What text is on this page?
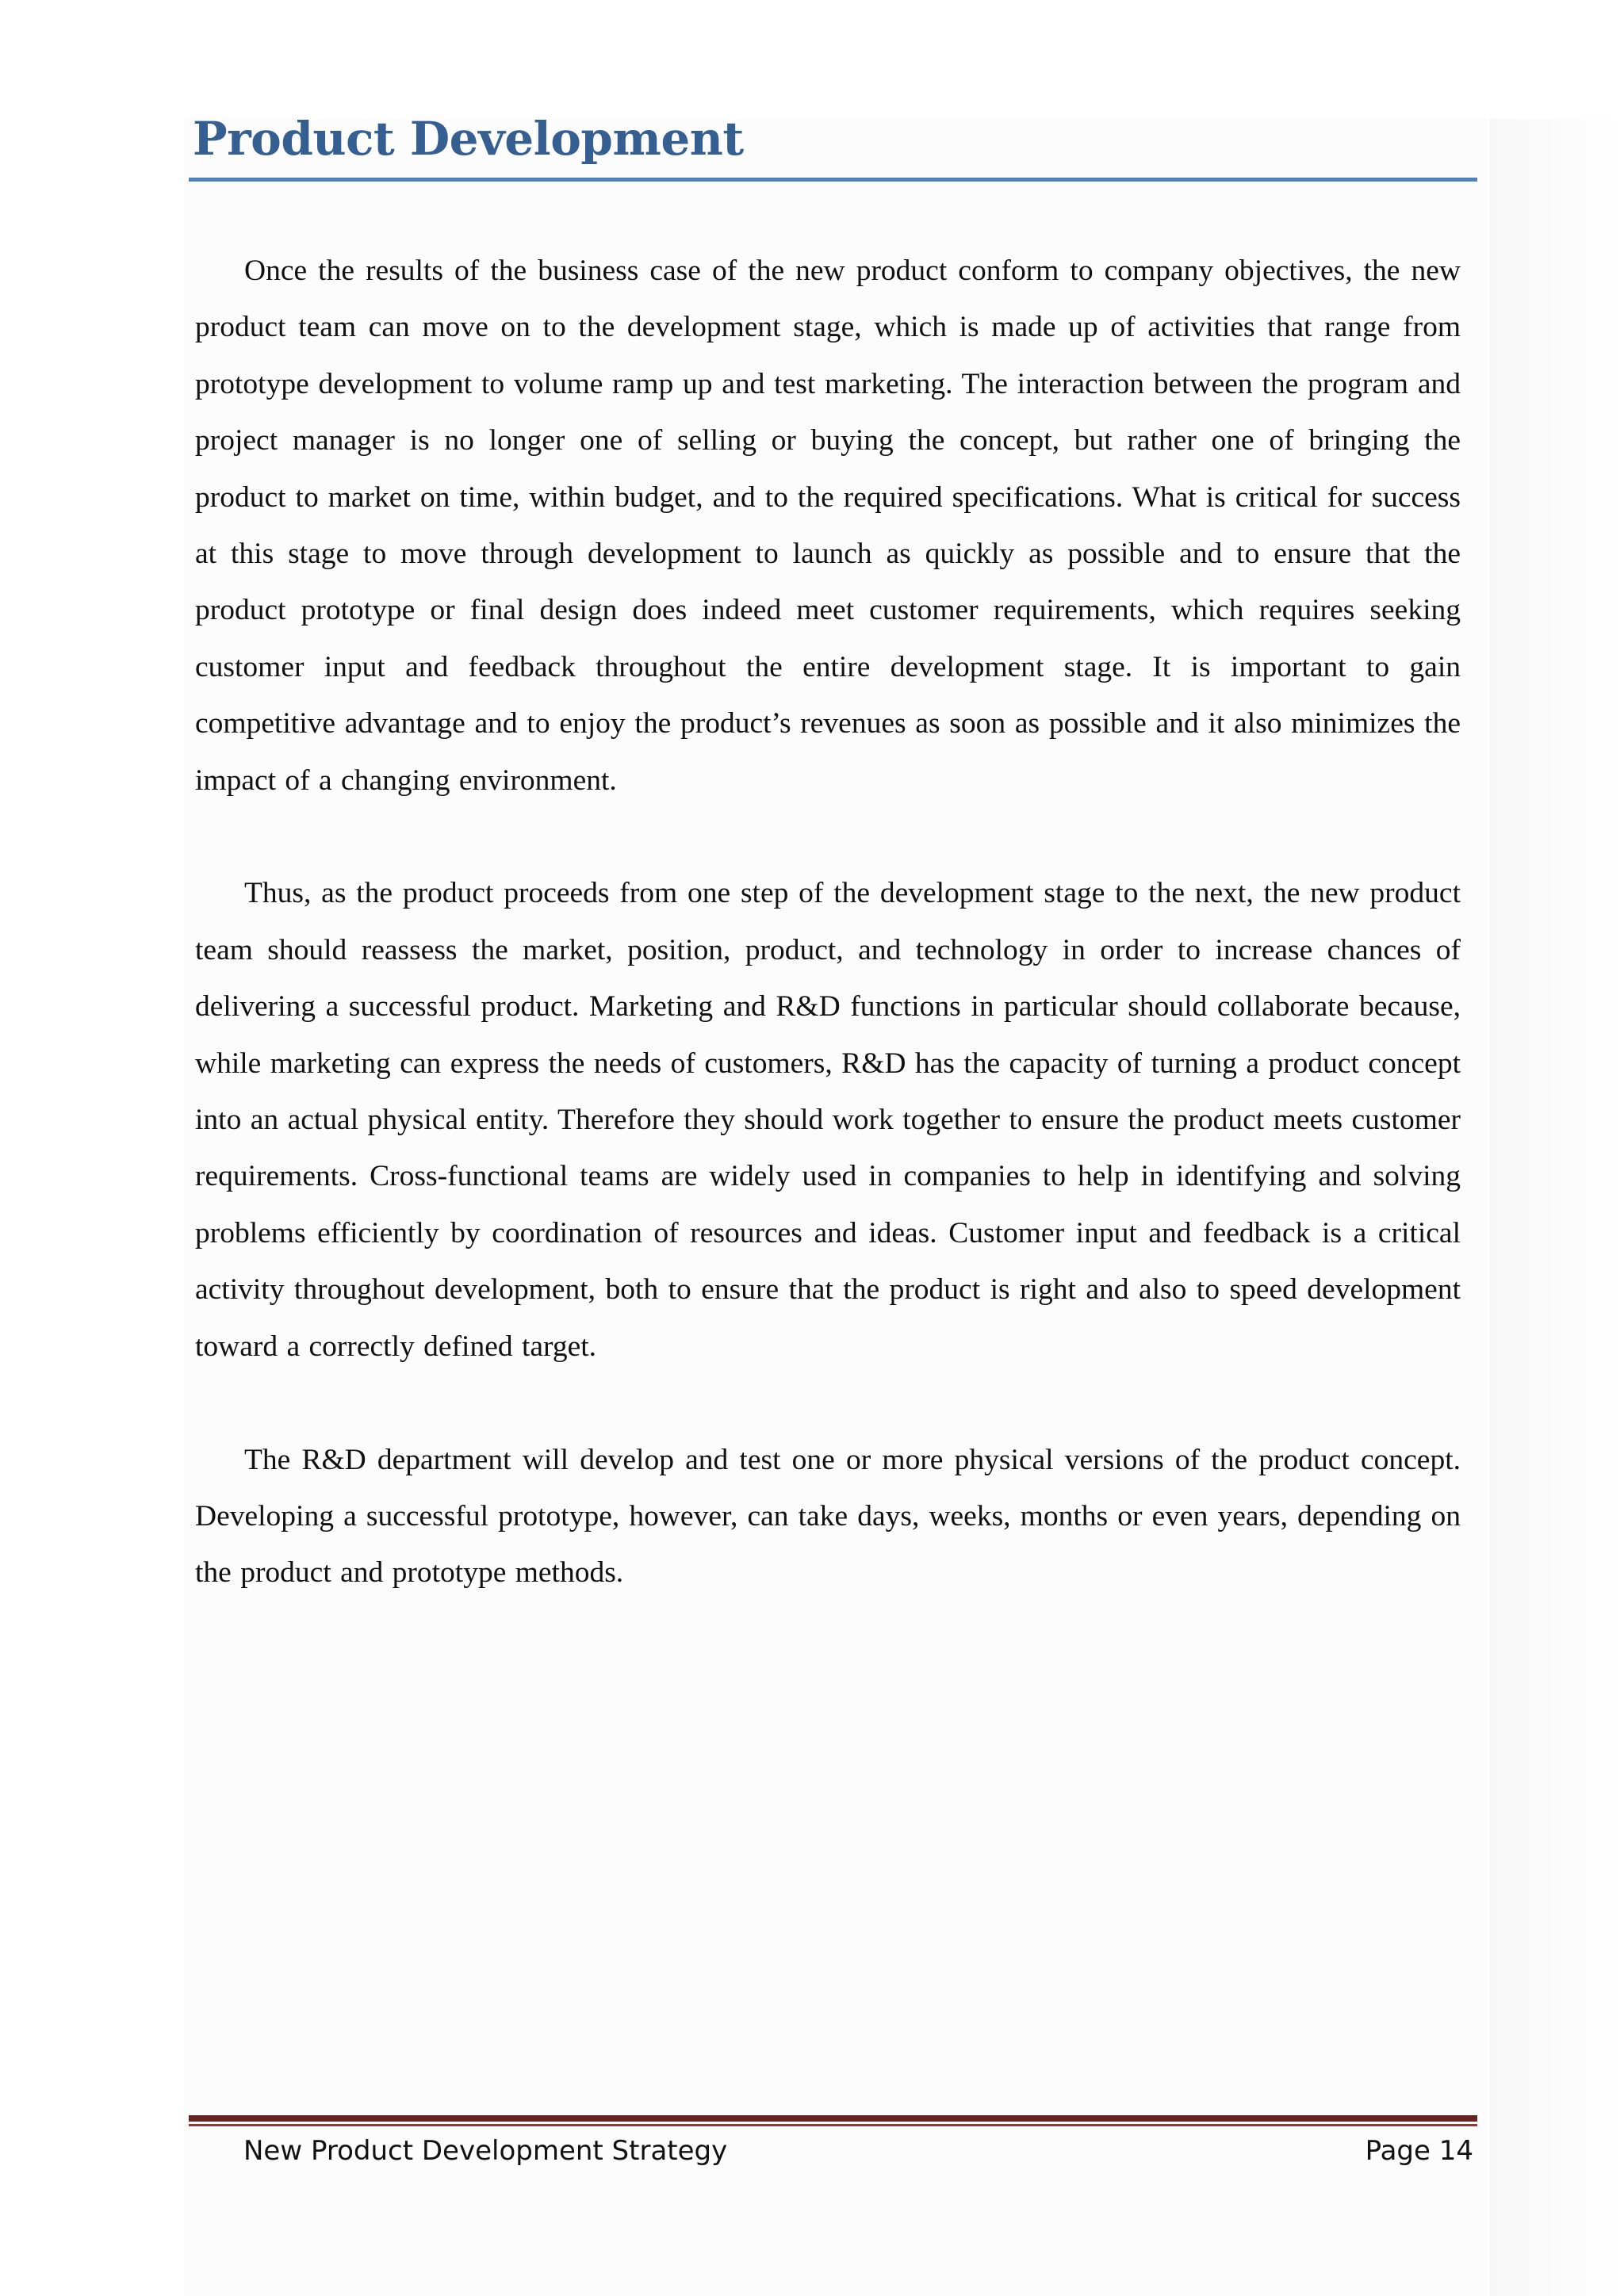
Product Development

Once the results of the business case of the new product conform to company objectives, the new product team can move on to the development stage, which is made up of activities that range from prototype development to volume ramp up and test marketing. The interaction between the program and project manager is no longer one of selling or buying the concept, but rather one of bringing the product to market on time, within budget, and to the required specifications. What is critical for success at this stage to move through development to launch as quickly as possible and to ensure that the product prototype or final design does indeed meet customer requirements, which requires seeking customer input and feedback throughout the entire development stage. It is important to gain competitive advantage and to enjoy the product’s revenues as soon as possible and it also minimizes the impact of a changing environment.

Thus, as the product proceeds from one step of the development stage to the next, the new product team should reassess the market, position, product, and technology in order to increase chances of delivering a successful product. Marketing and R&D functions in particular should collaborate because, while marketing can express the needs of customers, R&D has the capacity of turning a product concept into an actual physical entity. Therefore they should work together to ensure the product meets customer requirements. Cross-functional teams are widely used in companies to help in identifying and solving problems efficiently by coordination of resources and ideas. Customer input and feedback is a critical activity throughout development, both to ensure that the product is right and also to speed development toward a correctly defined target.

The R&D department will develop and test one or more physical versions of the product concept. Developing a successful prototype, however, can take days, weeks, months or even years, depending on the product and prototype methods.

New Product Development Strategy	Page 14
